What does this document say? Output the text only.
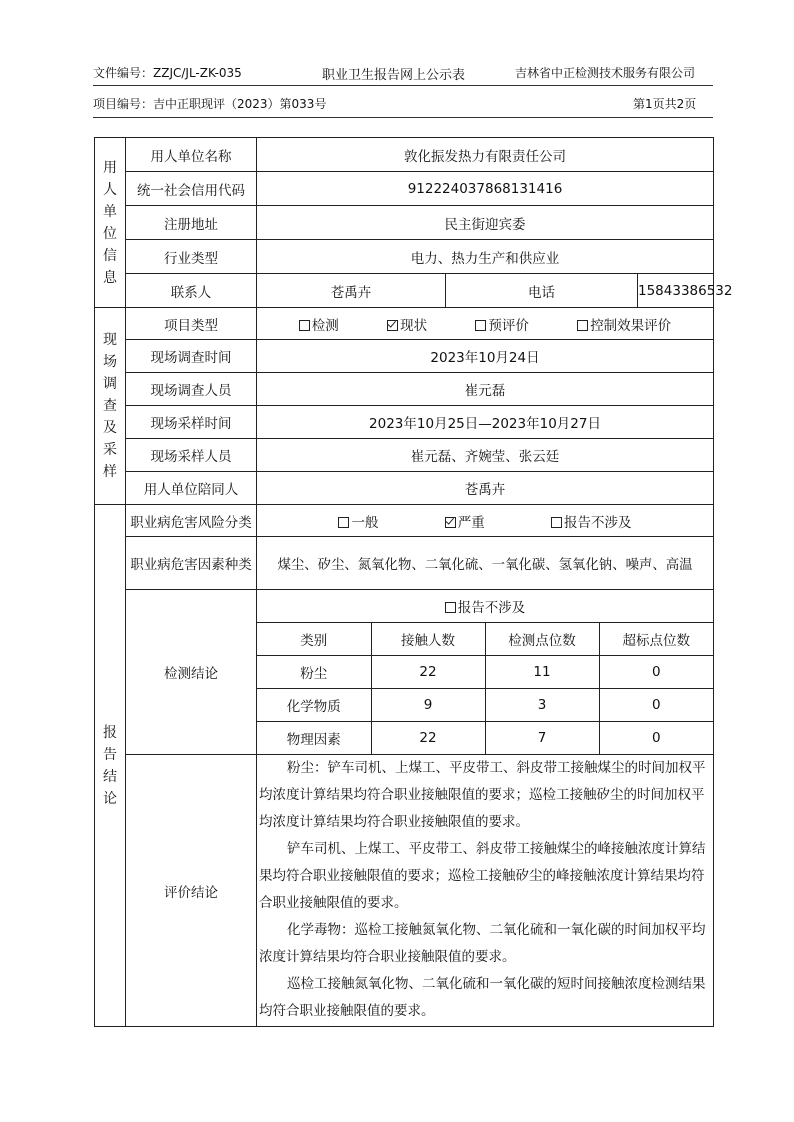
文件编号：ZZJC/JL-ZK-035	职业卫生报告网上公示表	吉林省中正检测技术服务有限公司
项目编号：吉中正职现评（2023）第033号	第1页共2页
用
人
单
位
信
息
	用人单位名称	敦化振发热力有限责任公司
统一社会信用代码	912224037868131416
注册地址	民主街迎宾委
行业类型	电力、热力生产和供应业
联系人	苍禹卉	电话	15843386532

现
场
调
查
及
采
样
	项目类型	检测	现状	预评价	控制效果评价
现场调查时间	2023年10月24日
现场调查人员	崔元磊
现场采样时间	2023年10月25日—2023年10月27日
现场采样人员	崔元磊、齐婉莹、张云廷
用人单位陪同人	苍禹卉

报
告
结
论
	职业病危害风险分类	一般	严重	报告不涉及
职业病危害因素种类	煤尘、矽尘、氮氧化物、二氧化硫、一氧化碳、氢氧化钠、噪声、高温
检测结论	
报告不涉及
类别	接触人数	检测点位数	超标点位数
粉尘	22	11	0
化学物质	9	3	0
物理因素	22	7	0

评价结论	

粉尘：铲车司机、上煤工、平皮带工、斜皮带工接触煤尘的时间加权平均浓度计算结果均符合职业接触限值的要求；巡检工接触矽尘的时间加权平均浓度计算结果均符合职业接触限值的要求。

铲车司机、上煤工、平皮带工、斜皮带工接触煤尘的峰接触浓度计算结果均符合职业接触限值的要求；巡检工接触矽尘的峰接触浓度计算结果均符合职业接触限值的要求。

化学毒物：巡检工接触氮氧化物、二氧化硫和一氧化碳的时间加权平均浓度计算结果均符合职业接触限值的要求。

巡检工接触氮氧化物、二氧化硫和一氧化碳的短时间接触浓度检测结果均符合职业接触限值的要求。
